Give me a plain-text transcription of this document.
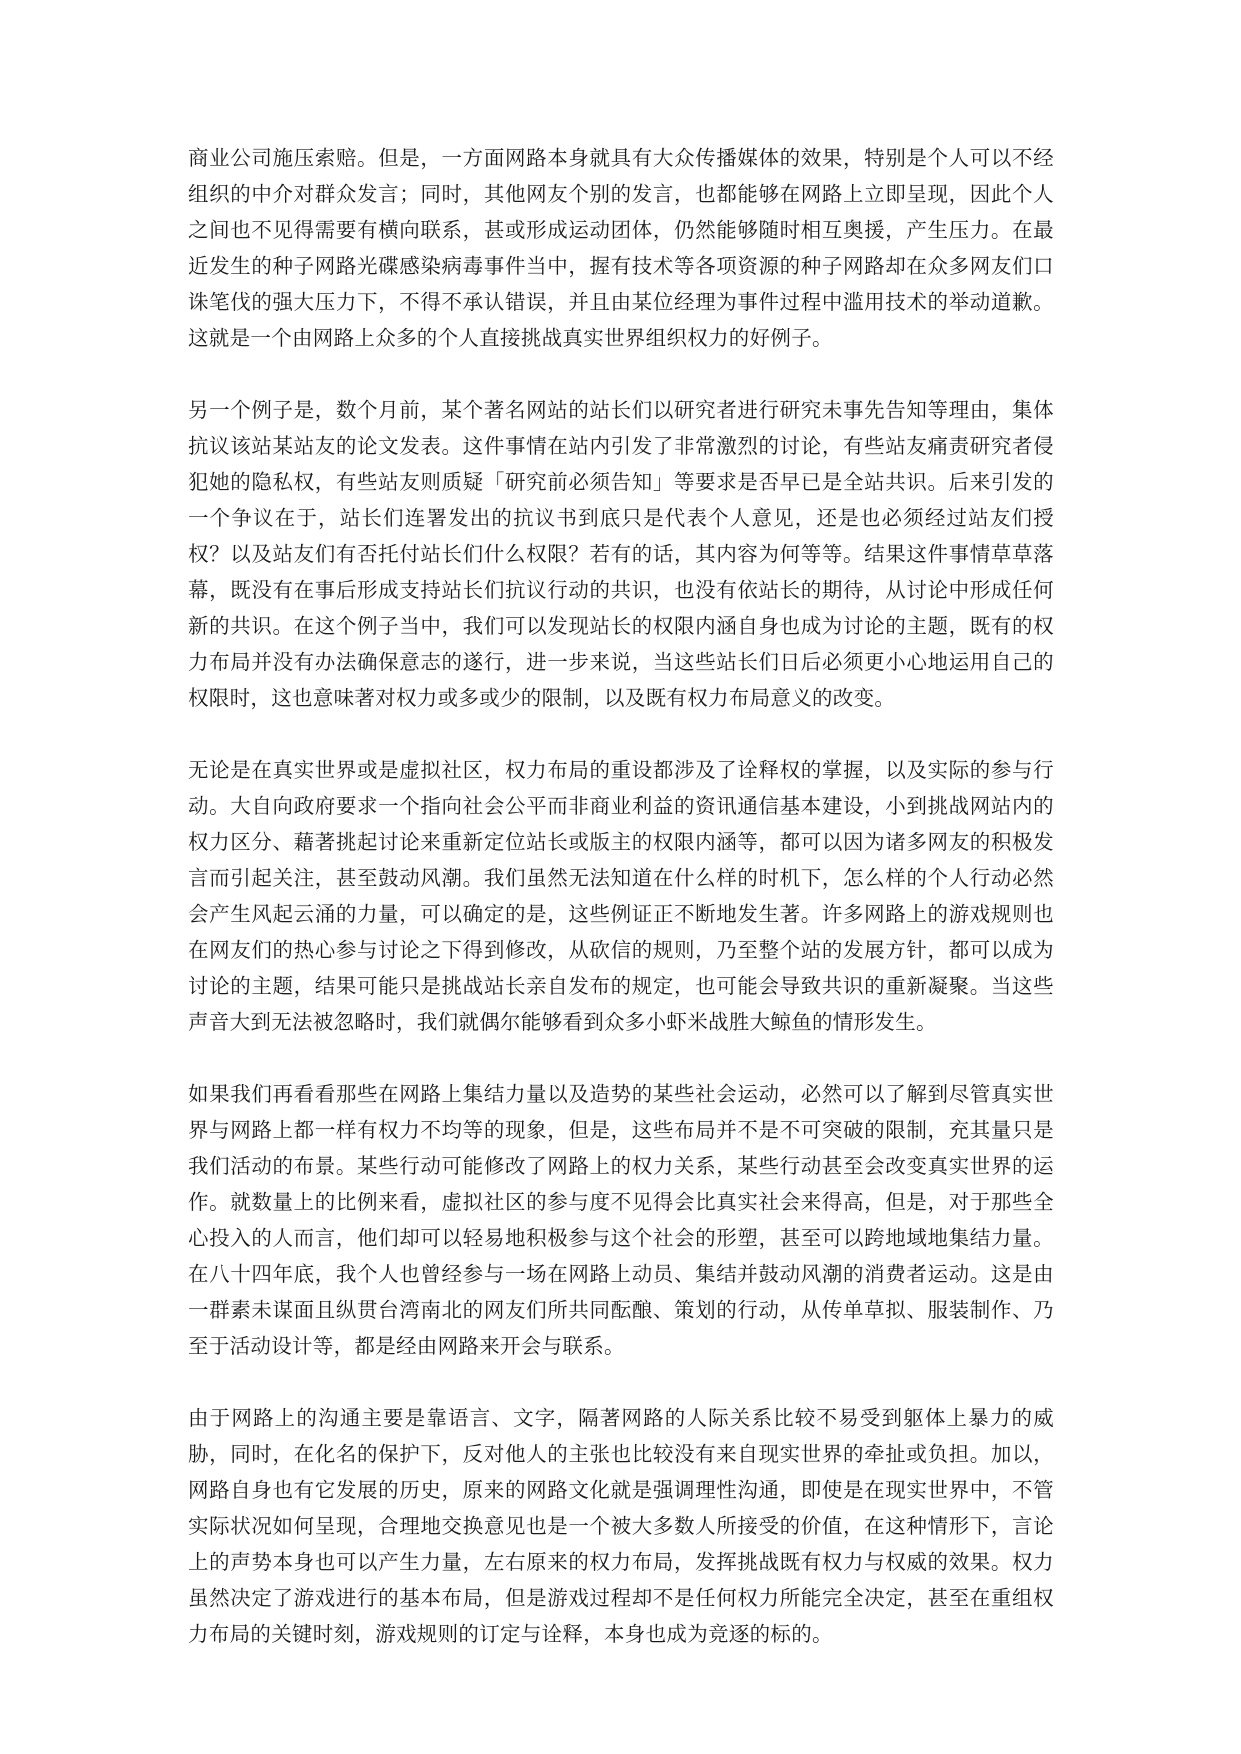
商业公司施压索赔。但是，一方面网路本身就具有大众传播媒体的效果，特别是个人可以不经组织的中介对群众发言；同时，其他网友个别的发言，也都能够在网路上立即呈现，因此个人之间也不见得需要有横向联系，甚或形成运动团体，仍然能够随时相互奥援，产生压力。在最近发生的种子网路光碟感染病毒事件当中，握有技术等各项资源的种子网路却在众多网友们口诛笔伐的强大压力下，不得不承认错误，并且由某位经理为事件过程中滥用技术的举动道歉。这就是一个由网路上众多的个人直接挑战真实世界组织权力的好例子。

另一个例子是，数个月前，某个著名网站的站长们以研究者进行研究未事先告知等理由，集体抗议该站某站友的论文发表。这件事情在站内引发了非常激烈的讨论，有些站友痛责研究者侵犯她的隐私权，有些站友则质疑「研究前必须告知」等要求是否早已是全站共识。后来引发的一个争议在于，站长们连署发出的抗议书到底只是代表个人意见，还是也必须经过站友们授权？以及站友们有否托付站长们什么权限？若有的话，其内容为何等等。结果这件事情草草落幕，既没有在事后形成支持站长们抗议行动的共识，也没有依站长的期待，从讨论中形成任何新的共识。在这个例子当中，我们可以发现站长的权限内涵自身也成为讨论的主题，既有的权力布局并没有办法确保意志的遂行，进一步来说，当这些站长们日后必须更小心地运用自己的权限时，这也意味著对权力或多或少的限制，以及既有权力布局意义的改变。

无论是在真实世界或是虚拟社区，权力布局的重设都涉及了诠释权的掌握，以及实际的参与行动。大自向政府要求一个指向社会公平而非商业利益的资讯通信基本建设，小到挑战网站内的权力区分、藉著挑起讨论来重新定位站长或版主的权限内涵等，都可以因为诸多网友的积极发言而引起关注，甚至鼓动风潮。我们虽然无法知道在什么样的时机下，怎么样的个人行动必然会产生风起云涌的力量，可以确定的是，这些例证正不断地发生著。许多网路上的游戏规则也在网友们的热心参与讨论之下得到修改，从砍信的规则，乃至整个站的发展方针，都可以成为讨论的主题，结果可能只是挑战站长亲自发布的规定，也可能会导致共识的重新凝聚。当这些声音大到无法被忽略时，我们就偶尔能够看到众多小虾米战胜大鲸鱼的情形发生。

如果我们再看看那些在网路上集结力量以及造势的某些社会运动，必然可以了解到尽管真实世界与网路上都一样有权力不均等的现象，但是，这些布局并不是不可突破的限制，充其量只是我们活动的布景。某些行动可能修改了网路上的权力关系，某些行动甚至会改变真实世界的运作。就数量上的比例来看，虚拟社区的参与度不见得会比真实社会来得高，但是，对于那些全心投入的人而言，他们却可以轻易地积极参与这个社会的形塑，甚至可以跨地域地集结力量。在八十四年底，我个人也曾经参与一场在网路上动员、集结并鼓动风潮的消费者运动。这是由一群素未谋面且纵贯台湾南北的网友们所共同酝酿、策划的行动，从传单草拟、服装制作、乃至于活动设计等，都是经由网路来开会与联系。

由于网路上的沟通主要是靠语言、文字，隔著网路的人际关系比较不易受到躯体上暴力的威胁，同时，在化名的保护下，反对他人的主张也比较没有来自现实世界的牵扯或负担。加以，网路自身也有它发展的历史，原来的网路文化就是强调理性沟通，即使是在现实世界中，不管实际状况如何呈现，合理地交换意见也是一个被大多数人所接受的价值，在这种情形下，言论上的声势本身也可以产生力量，左右原来的权力布局，发挥挑战既有权力与权威的效果。权力虽然决定了游戏进行的基本布局，但是游戏过程却不是任何权力所能完全决定，甚至在重组权力布局的关键时刻，游戏规则的订定与诠释，本身也成为竞逐的标的。
